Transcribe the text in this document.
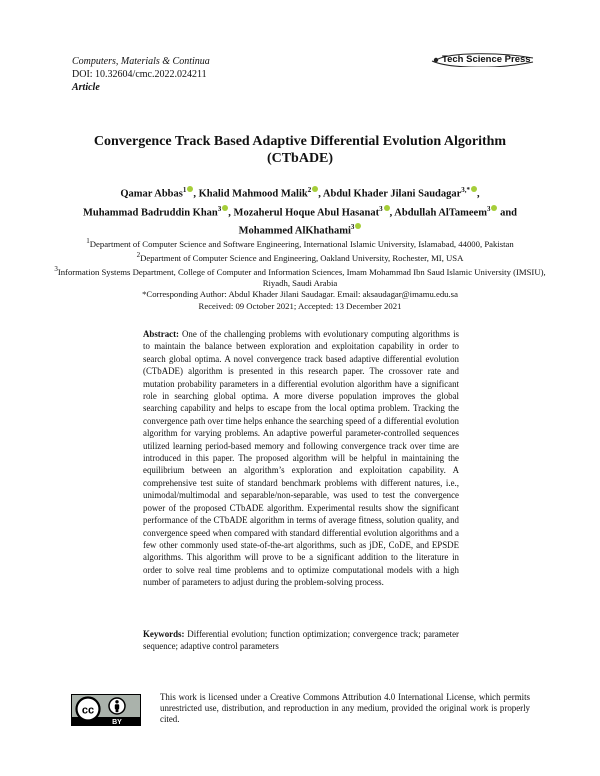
Computers, Materials & Continua
DOI: 10.32604/cmc.2022.024211
Article
Tech Science Press
Convergence Track Based Adaptive Differential Evolution Algorithm (CTbADE)
Qamar Abbas$^1$ , Khalid Mahmood Malik$^2$ , Abdul Khader Jilani Saudagar$^{3,*}$ ,
Muhammad Badruddin Khan$^3$ , Mozaherul Hoque Abul Hasanat$^3$ , Abdullah AlTameem$^3$ and
Mohammed AlKhathami$^3$
$^1$Department of Computer Science and Software Engineering, International Islamic University, Islamabad, 44000, Pakistan
$^2$Department of Computer Science and Engineering, Oakland University, Rochester, MI, USA
$^3$Information Systems Department, College of Computer and Information Sciences, Imam Mohammad Ibn Saud Islamic University (IMSIU), Riyadh, Saudi Arabia
*Corresponding Author: Abdul Khader Jilani Saudagar. Email: aksaudagar@imamu.edu.sa
Received: 09 October 2021; Accepted: 13 December 2021
Abstract: One of the challenging problems with evolutionary computing algorithms is to maintain the balance between exploration and exploitation capability in order to search global optima. A novel convergence track based adaptive differential evolution (CTbADE) algorithm is presented in this research paper. The crossover rate and mutation probability parameters in a differential evolution algorithm have a significant role in searching global optima. A more diverse population improves the global searching capability and helps to escape from the local optima problem. Tracking the convergence path over time helps enhance the searching speed of a differential evolution algorithm for varying problems. An adaptive powerful parameter-controlled sequences utilized learning period-based memory and following convergence track over time are introduced in this paper. The proposed algorithm will be helpful in maintaining the equilibrium between an algorithm’s exploration and exploitation capability. A comprehensive test suite of standard benchmark problems with different natures, i.e., unimodal/multimodal and separable/non-separable, was used to test the convergence power of the proposed CTbADE algorithm. Experimental results show the significant performance of the CTbADE algorithm in terms of average fitness, solution quality, and convergence speed when compared with standard differential evolution algorithms and a few other commonly used state-of-the-art algorithms, such as jDE, CoDE, and EPSDE algorithms. This algorithm will prove to be a significant addition to the literature in order to solve real time problems and to optimize computational models with a high number of parameters to adjust during the problem-solving process.
Keywords: Differential evolution; function optimization; convergence track; parameter sequence; adaptive control parameters
cc
BY
This work is licensed under a Creative Commons Attribution 4.0 International License, which permits unrestricted use, distribution, and reproduction in any medium, provided the original work is properly cited.
